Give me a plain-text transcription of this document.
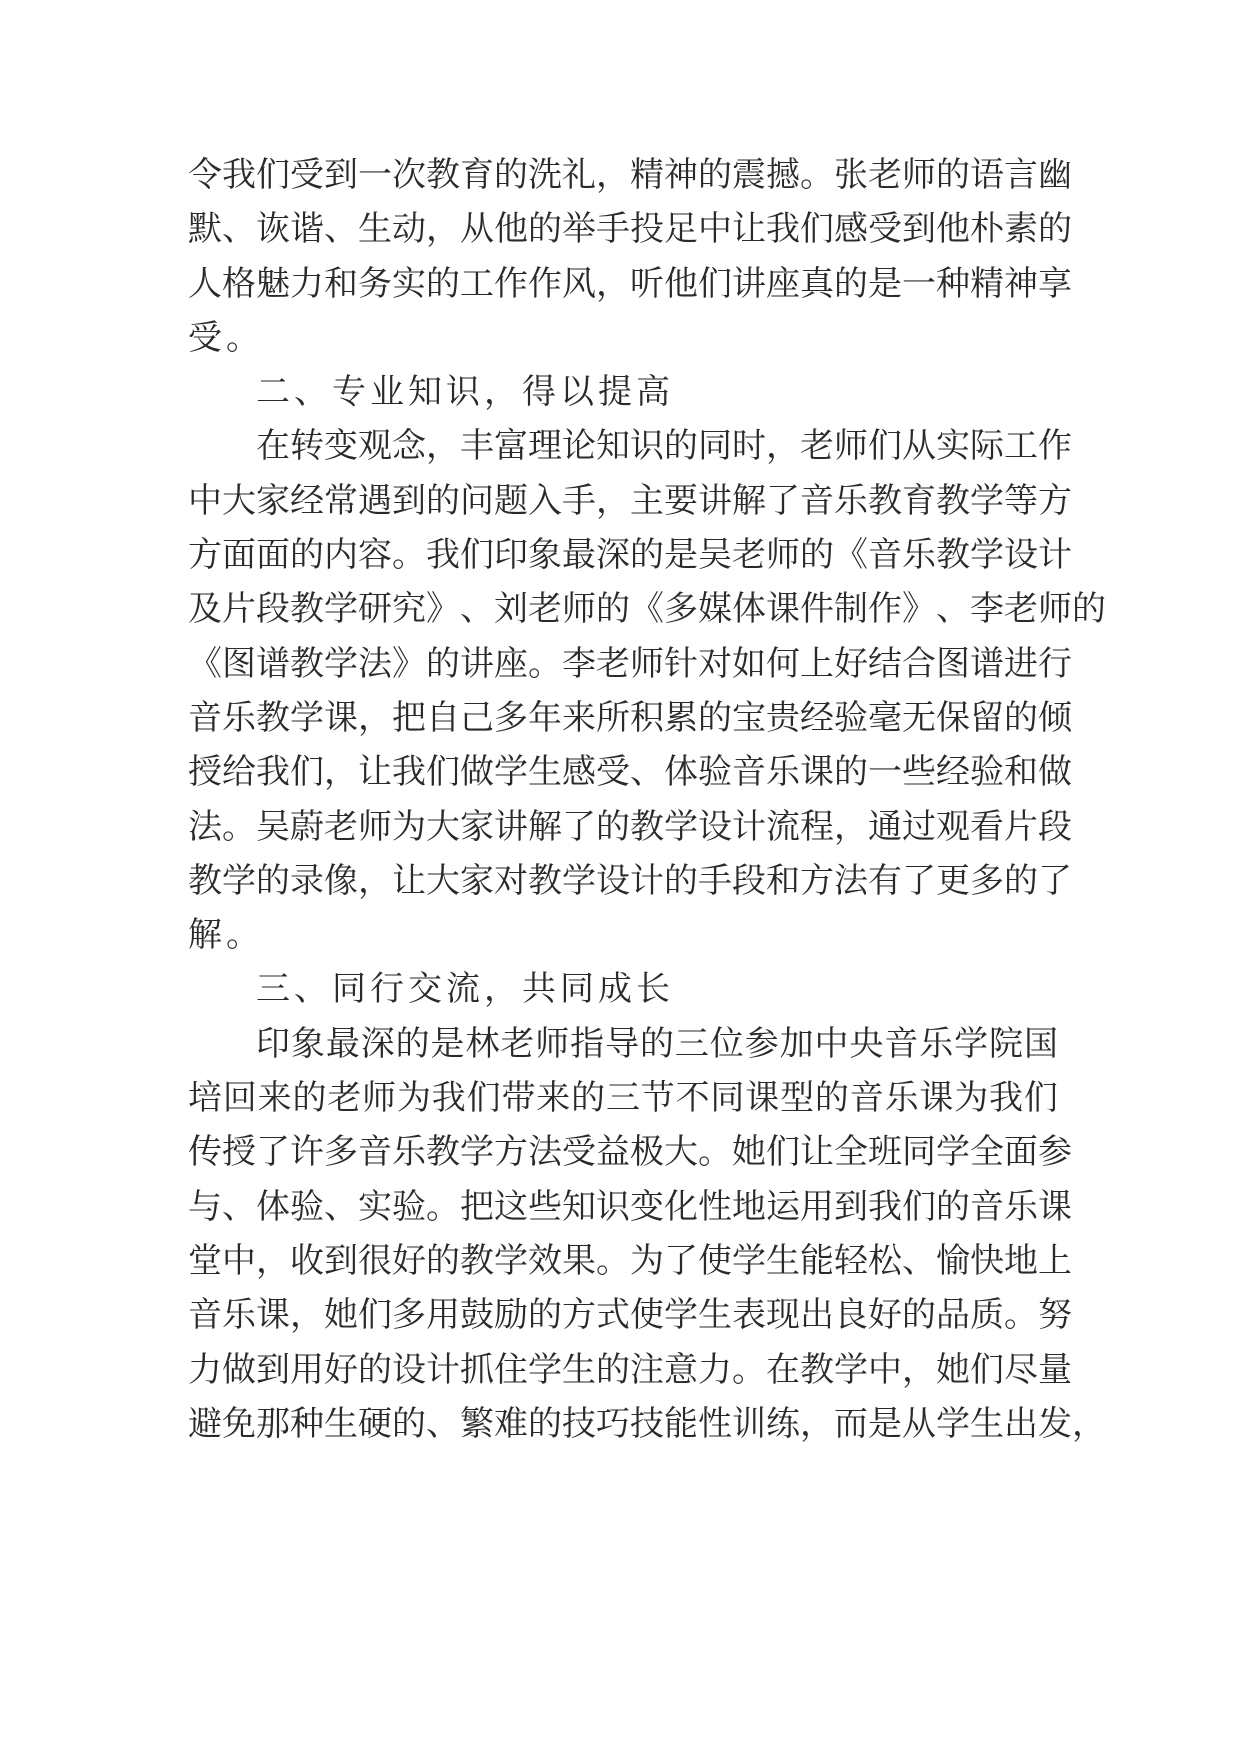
令 我 们 受 到 一 次 教 育 的 洗 礼 ， 精 神 的 震 撼 。 张 老 师 的 语 言 幽
默 、 诙 谐 、 生 动 ， 从 他 的 举 手 投 足 中 让 我 们 感 受 到 他 朴 素 的
人 格 魅 力 和 务 实 的 工 作 作 风 ， 听 他 们 讲 座 真 的 是 一 种 精 神 享
受 。
二 、 专 业 知 识 ， 得 以 提 高
在 转 变 观 念 ， 丰 富 理 论 知 识 的 同 时 ， 老 师 们 从 实 际 工 作
中 大 家 经 常 遇 到 的 问 题 入 手 ， 主 要 讲 解 了 音 乐 教 育 教 学 等 方
方 面 面 的 内 容 。 我 们 印 象 最 深 的 是 吴 老 师 的 《 音 乐 教 学 设 计
及 片 段 教 学 研 究 》 、 刘 老 师 的 《 多 媒 体 课 件 制 作 》 、 李 老 师 的
《 图 谱 教 学 法 》 的 讲 座 。 李 老 师 针 对 如 何 上 好 结 合 图 谱 进 行
音 乐 教 学 课 ， 把 自 己 多 年 来 所 积 累 的 宝 贵 经 验 毫 无 保 留 的 倾
授 给 我 们 ， 让 我 们 做 学 生 感 受 、 体 验 音 乐 课 的 一 些 经 验 和 做
法 。 吴 蔚 老 师 为 大 家 讲 解 了 的 教 学 设 计 流 程 ， 通 过 观 看 片 段
教 学 的 录 像 ， 让 大 家 对 教 学 设 计 的 手 段 和 方 法 有 了 更 多 的 了
解 。
三 、 同 行 交 流 ， 共 同 成 长
印 象 最 深 的 是 林 老 师 指 导 的 三 位 参 加 中 央 音 乐 学 院 国
培 回 来 的 老 师 为 我 们 带 来 的 三 节 不 同 课 型 的 音 乐 课 为 我 们
传 授 了 许 多 音 乐 教 学 方 法 受 益 极 大 。 她 们 让 全 班 同 学 全 面 参
与 、 体 验 、 实 验 。 把 这 些 知 识 变 化 性 地 运 用 到 我 们 的 音 乐 课
堂 中 ， 收 到 很 好 的 教 学 效 果 。 为 了 使 学 生 能 轻 松 、 愉 快 地 上
音 乐 课 ， 她 们 多 用 鼓 励 的 方 式 使 学 生 表 现 出 良 好 的 品 质 。 努
力 做 到 用 好 的 设 计 抓 住 学 生 的 注 意 力 。 在 教 学 中 ， 她 们 尽 量
避 免 那 种 生 硬 的 、 繁 难 的 技 巧 技 能 性 训 练 ， 而 是 从 学 生 出 发 ，
